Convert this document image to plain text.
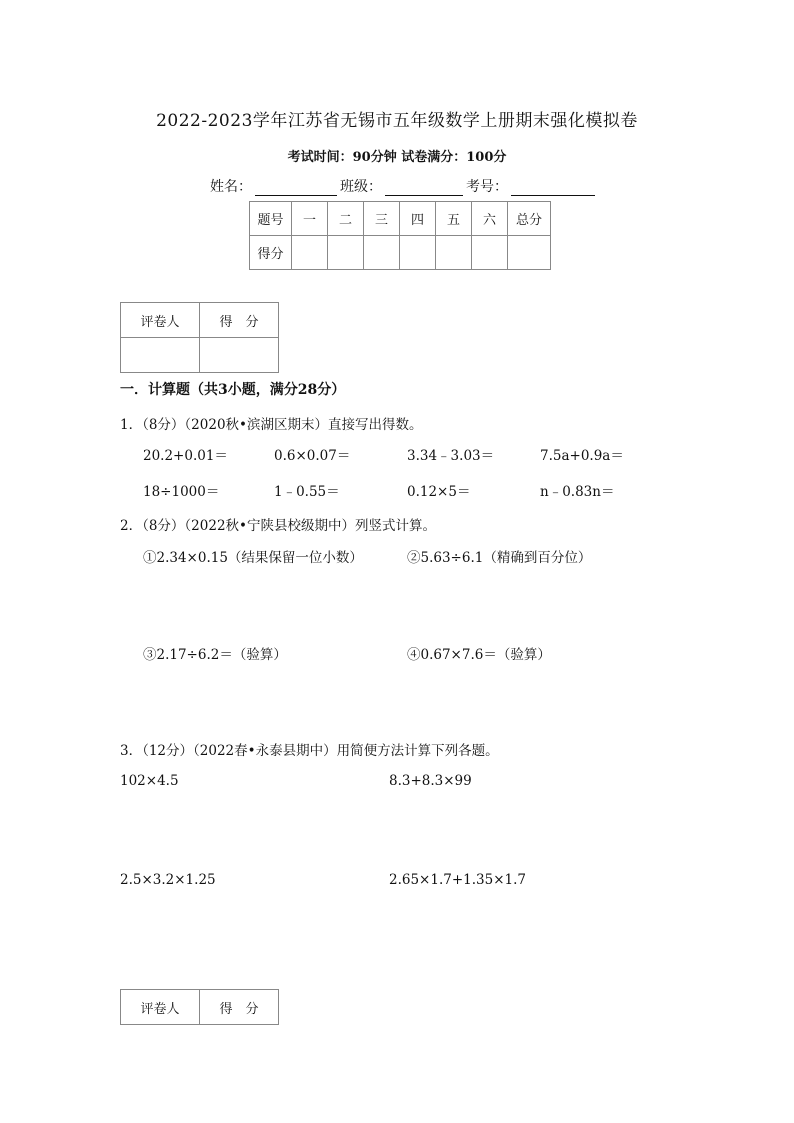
2022-2023学年江苏省无锡市五年级数学上册期末强化模拟卷
考试时间：90分钟 试卷满分：100分
姓名：	班级：	考号：
题号	一	二	三	四	五	六	总分
得分							
评卷人	得　分

一．计算题（共3小题，满分28分）
1．（8分）（2020秋•滨湖区期末）直接写出得数。
20.2+0.01＝	0.6×0.07＝	3.34﹣3.03＝	7.5a+0.9a＝
18÷1000＝	1﹣0.55＝	0.12×5＝	n﹣0.83n＝
2．（8分）（2022秋•宁陕县校级期中）列竖式计算。
①2.34×0.15（结果保留一位小数）	②5.63÷6.1（精确到百分位）
③2.17÷6.2＝（验算）	④0.67×7.6＝（验算）
3．（12分）（2022春•永泰县期中）用简便方法计算下列各题。
102×4.5	8.3+8.3×99
2.5×3.2×1.25	2.65×1.7+1.35×1.7
评卷人	得　分
